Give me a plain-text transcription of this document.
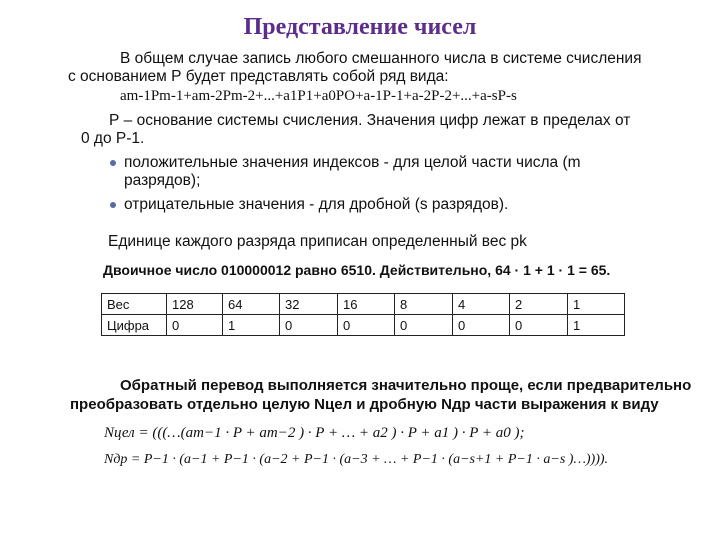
Представление чисел
В общем случае запись любого смешанного числа в системе счисления
с основанием Р будет представлять собой ряд вида:
am-1Pm-1+am-2Pm-2+...+a1P1+a0PO+a-1P-1+a-2P-2+...+a-sP-s
Р – основание системы счисления. Значения цифр лежат в пределах от
0 до Р-1.
положительные значения индексов - для целой части числа (m
разрядов);
отрицательные значения - для дробной (s разрядов).
Единице каждого разряда приписан определенный вес pk
Двоичное число 010000012 равно 6510. Действительно, 64 · 1 + 1 · 1 = 65.
Вес	128	64	32	16	8	4	2	1
Цифра	0	1	0	0	0	0	0	1
Обратный перевод выполняется значительно проще, если предварительно
преобразовать отдельно целую Nцел и дробную Nдр части выражения к виду
Nцел = (((…(am−1 · P + am−2 ) · P + … + a2 ) · P + a1 ) · P + a0 );
Nдр = P−1 · (a−1 + P−1 · (a−2 + P−1 · (a−3 + … + P−1 · (a−s+1 + P−1 · a−s )…)))).
